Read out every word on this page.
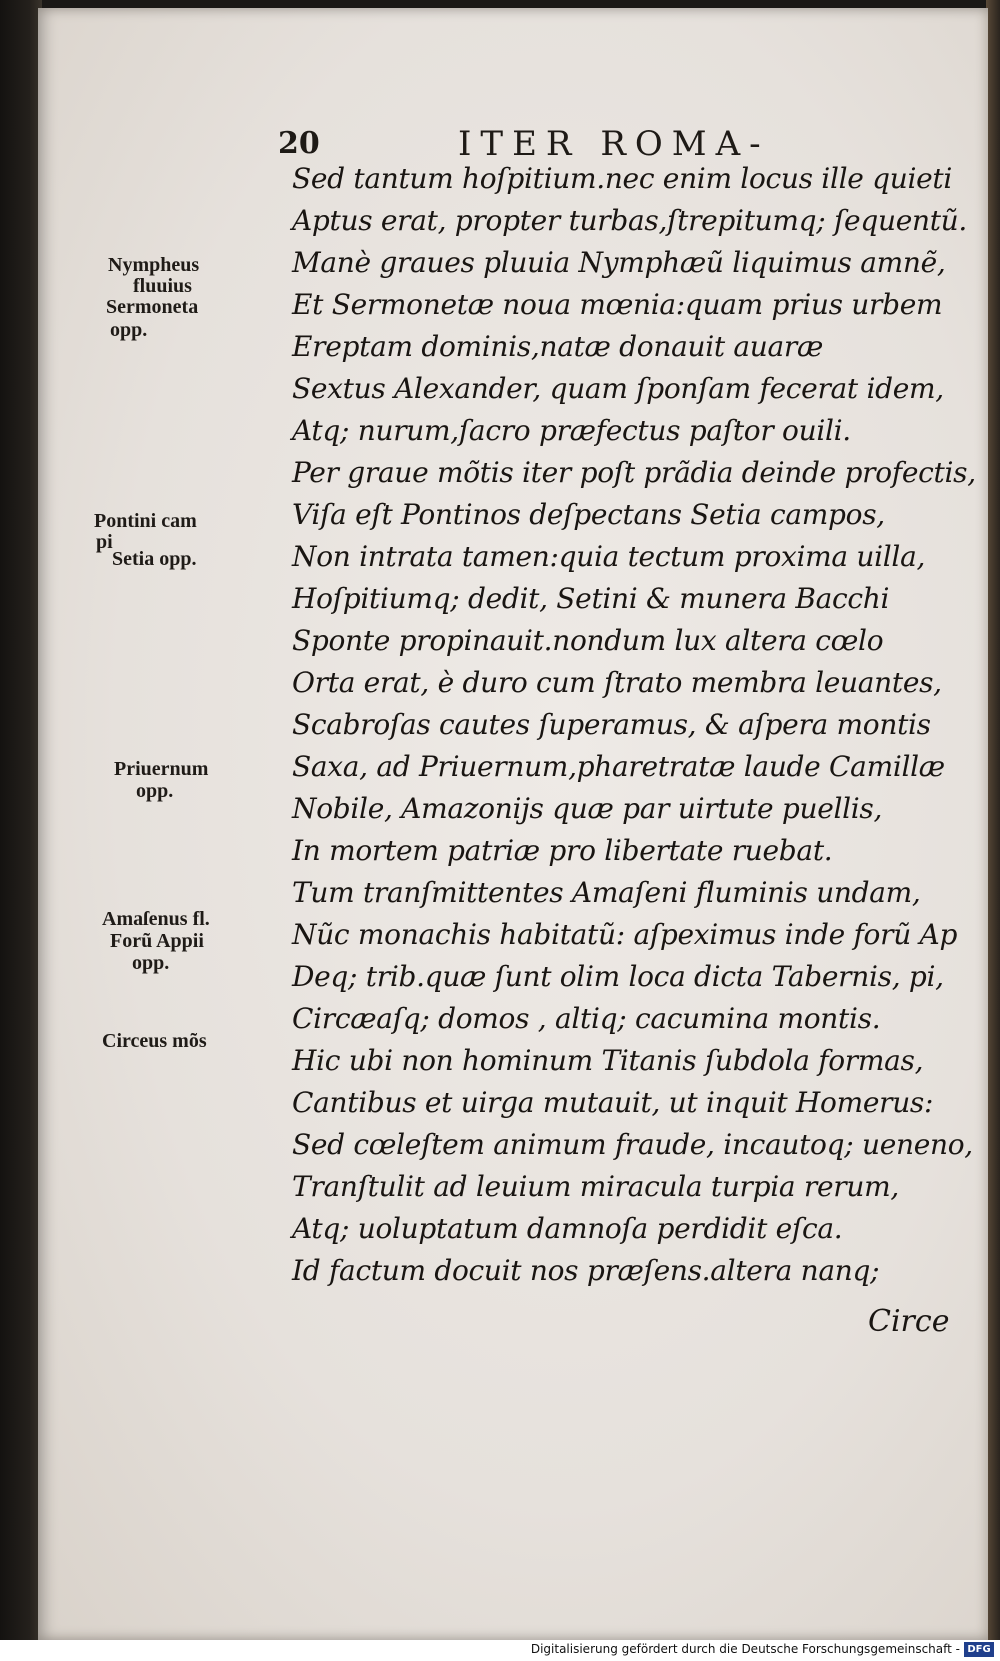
20	ITER ROMA-
Sed tantum hoſpitium.nec enim locus ille quieti
Aptus erat, propter turbas,ſtrepitumq; ſequentũ.
Manè graues pluuia Nymphæũ liquimus amnẽ,
Et Sermonetæ noua mœnia:quam prius urbem
Ereptam dominis,natæ donauit auaræ
Sextus Alexander, quam ſponſam fecerat idem,
Atq; nurum,ſacro præfectus paſtor ouili.
Per graue mõtis iter poſt prãdia deinde profectis,
Viſa eſt Pontinos deſpectans Setia campos,
Non intrata tamen:quia tectum proxima uilla,
Hoſpitiumq; dedit, Setini & munera Bacchi
Sponte propinauit.nondum lux altera cœlo
Orta erat, è duro cum ſtrato membra leuantes,
Scabroſas cautes ſuperamus, & aſpera montis
Saxa, ad Priuernum,pharetratæ laude Camillæ
Nobile, Amazonijs quæ par uirtute puellis,
In mortem patriæ pro libertate ruebat.
Tum tranſmittentes Amaſeni fluminis undam,
Nũc monachis habitatũ: aſpeximus inde forũ Ap
Deq; trib.quæ ſunt olim loca dicta Tabernis, pi,
Circæaſq; domos , altiq; cacumina montis.
Hic ubi non hominum Titanis ſubdola formas,
Cantibus et uirga mutauit, ut inquit Homerus:
Sed cœleſtem animum fraude, incautoq; ueneno,
Tranſtulit ad leuium miracula turpia rerum,
Atq; uoluptatum damnoſa perdidit eſca.
Id factum docuit nos præſens.altera nanq;
Nympheus
fluuius
Sermoneta
opp.
Pontini cam
pi
Setia opp.
Priuernum
opp.
Amaſenus fl.
Forũ Appii
opp.
Circeus mõs
Circe
Digitalisierung gefördert durch die Deutsche Forschungsgemeinschaft - DFG
